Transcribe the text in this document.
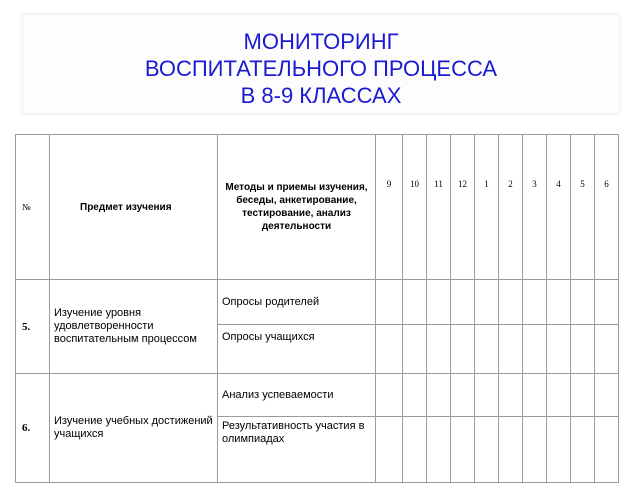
МОНИТОРИНГ
ВОСПИТАТЕЛЬНОГО ПРОЦЕССА
В 8-9 КЛАССАХ
№	Предмет изучения	Методы и приемы изучения, беседы, анкетирование, тестирование, анализ деятельности	9	10	11	12	1	2	3	4	5	6
5.	Изучение уровня удовлетворенности воспитательным процессом	Опросы родителей										
		Опросы учащихся										
6.	Изучение учебных достижений учащихся	Анализ успеваемости										
		Результативность участия в олимпиадах										
